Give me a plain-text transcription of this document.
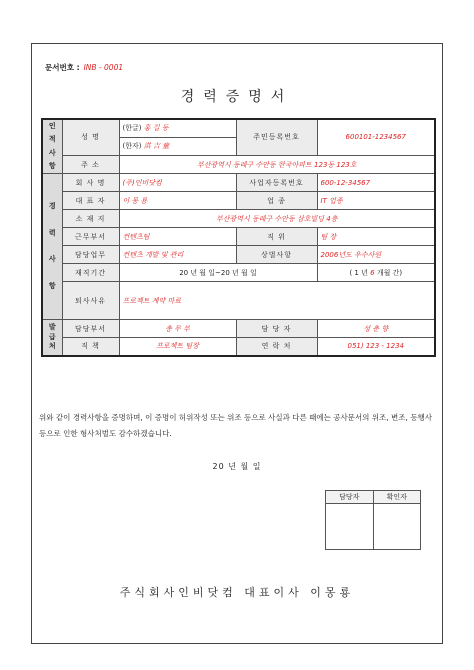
문서번호 : INB - 0001
경력증명서
인
적
사
항	성 명	(한글) 홍 길 동	주민등록번호	600101-1234567
		(한자) 洪 吉 童		
	주 소	부산광역시 동래구 수안동 한국아파트 123동 123호		
경

력

사

항	회 사 명	(주)인비닷컴	사업자등록번호	600-12-34567
	대 표 자	이 몽 룡	업 종	IT 업종
	소 재 지	부산광역시 동래구 수안동 삼호빌딩 4층		
	근무부서	컨텐츠팀	직 위	팀 장
	담당업무	컨텐츠 개발 및 관리	상벌사항	2006년도 우수사원
	재직기간	20 년 월 일~20 년 월 일		( 1 년 6 개월 간)
	퇴사사유	프로젝트 계약 마료		

발
급
처	담당부서	총 무 부	담 당 자	성 춘 향
	직 책	프로젝트 팀장	연 락 처	051) 123 - 1234
위와 같이 경력사항을 증명하며, 이 증명이 허위작성 또는 위조 등으로 사실과 다른 때에는 공사문서의 위조, 변조, 동행사 등으로 인한 형사처벌도 감수하겠습니다.
20 년 월 일
담당자	확인자

주식회사인비닷컴 대표이사 이몽룡
